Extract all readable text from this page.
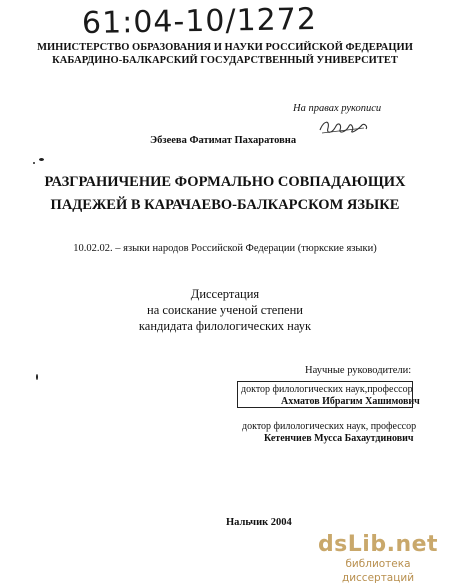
61:04-10/1272
МИНИСТЕРСТВО ОБРАЗОВАНИЯ И НАУКИ РОССИЙСКОЙ ФЕДЕРАЦИИ
КАБАРДИНО-БАЛКАРСКИЙ ГОСУДАРСТВЕННЫЙ УНИВЕРСИТЕТ
На правах рукописи
Эбзеева Фатимат Пахаратовна
РАЗГРАНИЧЕНИЕ ФОРМАЛЬНО СОВПАДАЮЩИХ
ПАДЕЖЕЙ В КАРАЧАЕВО-БАЛКАРСКОМ ЯЗЫКЕ
10.02.02. – языки народов Российской Федерации (тюркские языки)
Диссертация
на соискание ученой степени
кандидата филологических наук
Научные руководители:
доктор филологических наук,профессор
Ахматов Ибрагим Хашимович
доктор филологических наук, профессор
Кетенчиев Мусса Бахаутдинович
Нальчик 2004
dsLib.net
библиотека диссертаций
